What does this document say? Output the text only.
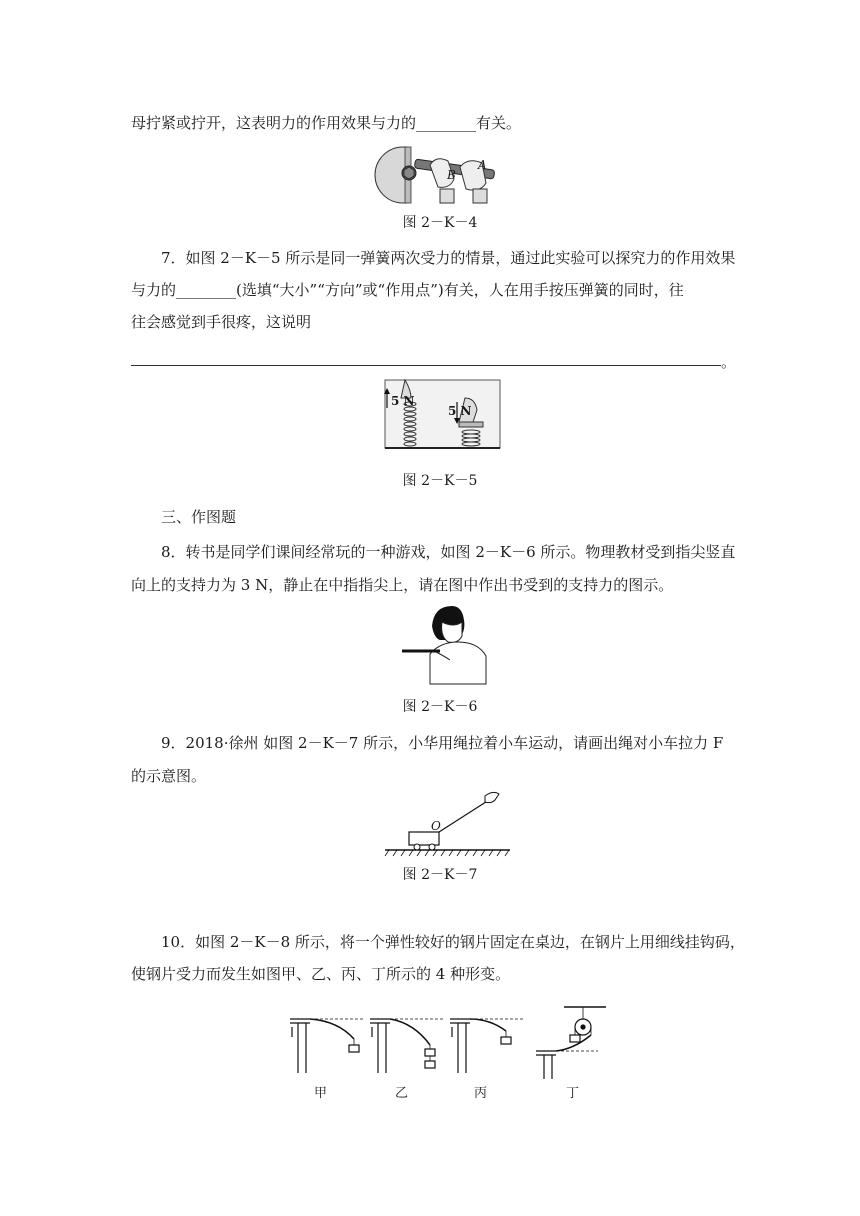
母拧紧或拧开，这表明力的作用效果与力的________有关。
B
A
图 2－K－4
7．如图 2－K－5 所示是同一弹簧两次受力的情景，通过此实验可以探究力的作用效果
与力的________(选填“大小”“方向”或“作用点”)有关，人在用手按压弹簧的同时，往
往会感觉到手很疼，这说明
。
5 N
5 N
图 2－K－5
三、作图题
8．转书是同学们课间经常玩的一种游戏，如图 2－K－6 所示。物理教材受到指尖竖直
向上的支持力为 3 N，静止在中指指尖上，请在图中作出书受到的支持力的图示。
图 2－K－6
9．2018·徐州 如图 2－K－7 所示，小华用绳拉着小车运动，请画出绳对小车拉力 F
的示意图。
O
图 2－K－7
10．如图 2－K－8 所示，将一个弹性较好的钢片固定在桌边，在钢片上用细线挂钩码，
使钢片受力而发生如图甲、乙、丙、丁所示的 4 种形变。
甲	乙	丙	丁
